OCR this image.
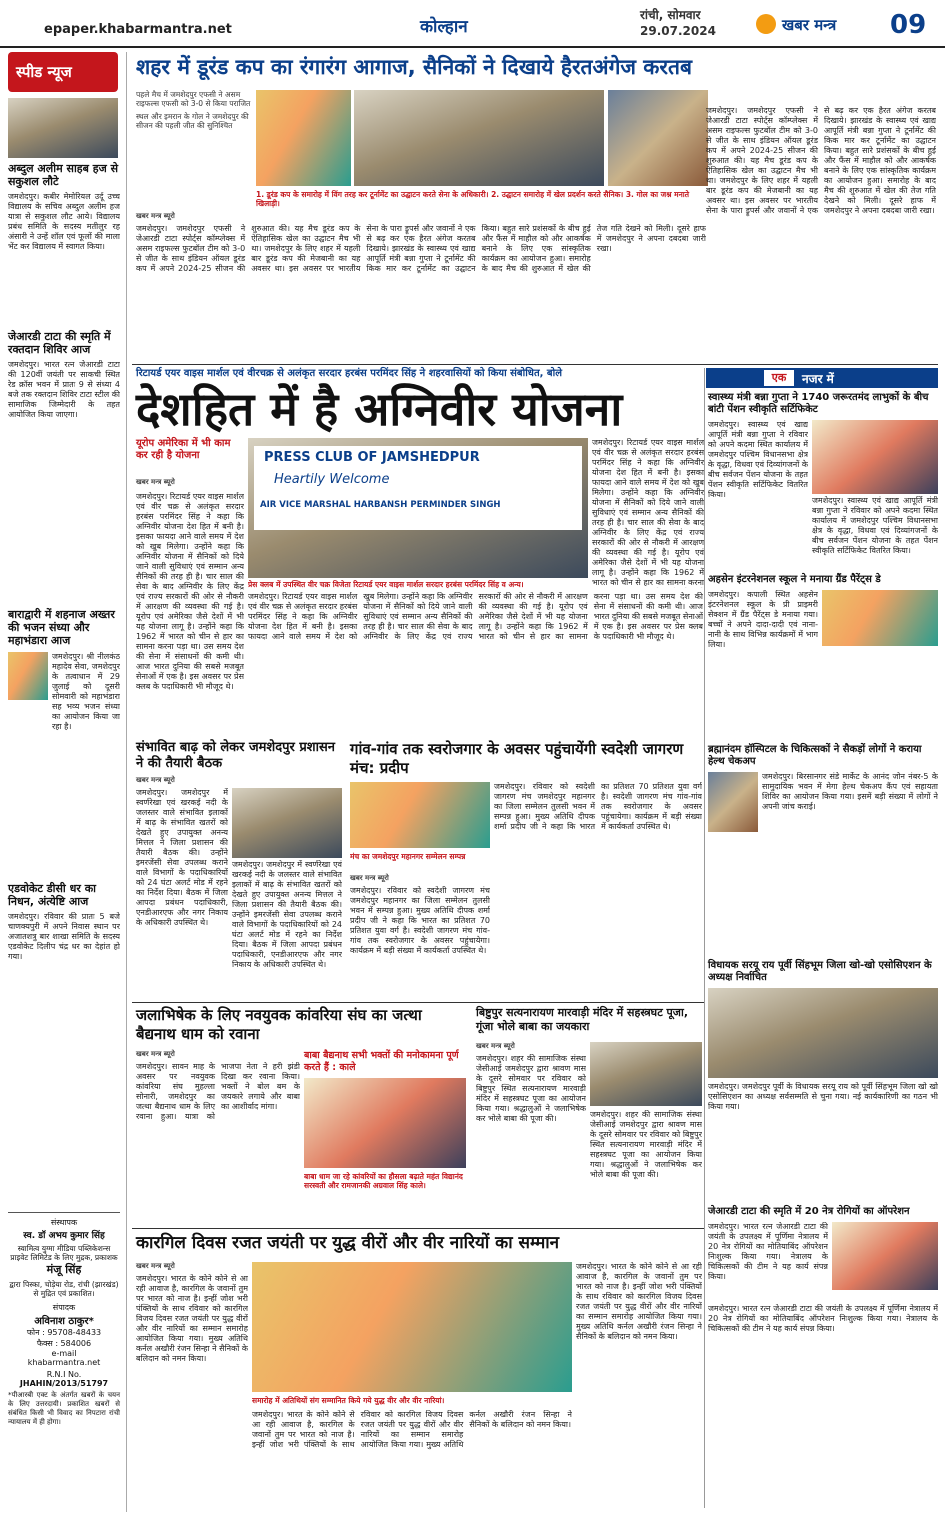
epaper.khabarmantra.net	कोल्हान
रांची, सोमवार
29.07.2024	खबर मन्त्र 09
स्पीड न्यूज
अब्दुल अलीम साहब हज से सकुशल लौटे
जमशेदपुर। कबीर मेमोरियल उर्दू उच्च विद्यालय के सचिव अब्दुल अलीम हज यात्रा से सकुशल लौट आये। विद्यालय प्रबंध समिति के सदस्य मतीलुर रह अंसारी ने उन्हें शॉल एवं फूलों की माला भेंट कर विद्यालय में स्वागत किया।
जेआरडी टाटा की स्मृति में रक्तदान शिविर आज
जमशेदपुर। भारत रत्न जेआरडी टाटा की 120वीं जयंती पर साकची स्थित रेड क्रॉस भवन में प्रातः 9 से संध्या 4 बजे तक रक्तदान शिविर टाटा स्टील की सामाजिक जिम्मेदारी के तहत आयोजित किया जाएगा।
बाराद्वारी में शहनाज अख्तर की भजन संध्या और महाभंडारा आज
जमशेदपुर। श्री नीलकंठ महादेव सेवा, जमशेदपुर के तत्वाधान में 29 जुलाई को दूसरी सोमवारी को महाभंडारा सह भव्य भजन संध्या का आयोजन किया जा रहा है।
एडवोकेट डीसी धर का निधन, अंत्येष्टि आज
जमशेदपुर। रविवार की प्रातः 5 बजे चाणक्यपुरी में अपने निवास स्थान पर अजातशत्रु बार शाखा समिति के सदस्य एडवोकेट दिलीप चंद्र धर का देहांत हो गया।
संस्थापक
स्व. डॉ अभय कुमार सिंह
स्वामित्व युग्मा मीडिया पब्लिकेशन्स प्राइवेट लिमिटेड के लिए मुद्रक, प्रकाशक
मंजू सिंह
द्वारा पिस्का, चोड़ेया रोड, रांची (झारखंड) से मुद्रित एवं प्रकाशित।
संपादक
अविनाश ठाकुर*
फोन : 95708-48433
फैक्स : 584006
e-mail
khabarmantra.net
R.N.I No.
JHAHIN/2013/51797
*पीआरबी एक्ट के अंतर्गत खबरों के चयन के लिए उत्तरदायी। प्रकाशित खबरों से संबंधित किसी भी विवाद का निपटारा रांची न्यायालय में ही होगा।
शहर में डूरंड कप का रंगारंग आगाज, सैनिकों ने दिखाये हैरतअंगेज करतब
पहले मैच में जमशेदपुर एफसी ने असम राइफल्स एफसी को 3-0 से किया पराजित
स्थल और इमरान के गोल ने जमशेदपुर की सीजन की पहली जीत की सुनिश्चित
1. डूरंड कप के समारोह में विंग तरह कर टूर्नामेंट का उद्घाटन करते सेना के अधिकारी। 2. उद्घाटन समारोह में खेल प्रदर्शन करते सैनिक। 3. गोल का जश्न मनाते खिलाड़ी।
खबर मन्त्र ब्यूरो
जमशेदपुर। जमशेदपुर एफसी ने जेआरडी टाटा स्पोर्ट्स कॉम्प्लेक्स में असम राइफल्स फुटबॉल टीम को 3-0 से जीत के साथ इंडियन ऑयल डूरंड कप में अपने 2024-25 सीजन की शुरुआत की। यह मैच डूरंड कप के ऐतिहासिक खेल का उद्घाटन मैच भी था। जमशेदपुर के लिए शहर में यहली बार डूरंड कप की मेजबानी का यह अवसर था। इस अवसर पर भारतीय सेना के पारा ड्रूपर्स और जवानों ने एक से बढ़ कर एक हैरत अंगेज करतब दिखाये। झारखंड के स्वास्थ्य एवं खाद्य आपूर्ति मंत्री बन्ना गुप्ता ने टूर्नामेंट की किक मार कर टूर्नामेंट का उद्घाटन किया। बहुत सारे प्रशंसकों के बीच हुई और फैंस में माहौल को और आकर्षक बनाने के लिए एक सांस्कृतिक कार्यक्रम का आयोजन हुआ। समारोह के बाद मैच की शुरुआत में खेल की तेज गति देखने को मिली। दूसरे हाफ में जमशेदपुर ने अपना दबदबा जारी रखा।
जमशेदपुर। जमशेदपुर एफसी ने जेआरडी टाटा स्पोर्ट्स कॉम्प्लेक्स में असम राइफल्स फुटबॉल टीम को 3-0 से जीत के साथ इंडियन ऑयल डूरंड कप में अपने 2024-25 सीजन की शुरुआत की। यह मैच डूरंड कप के ऐतिहासिक खेल का उद्घाटन मैच भी था। जमशेदपुर के लिए शहर में यहली बार डूरंड कप की मेजबानी का यह अवसर था। इस अवसर पर भारतीय सेना के पारा ड्रूपर्स और जवानों ने एक से बढ़ कर एक हैरत अंगेज करतब दिखाये। झारखंड के स्वास्थ्य एवं खाद्य आपूर्ति मंत्री बन्ना गुप्ता ने टूर्नामेंट की किक मार कर टूर्नामेंट का उद्घाटन किया। बहुत सारे प्रशंसकों के बीच हुई और फैंस में माहौल को और आकर्षक बनाने के लिए एक सांस्कृतिक कार्यक्रम का आयोजन हुआ। समारोह के बाद मैच की शुरुआत में खेल की तेज गति देखने को मिली। दूसरे हाफ में जमशेदपुर ने अपना दबदबा जारी रखा।
रिटायर्ड एयर वाइस मार्शल एवं वीरचक्र से अलंकृत सरदार हरबंस परमिंदर सिंह ने शहरवासियों को किया संबोधित, बोले
देशहित में है अग्निवीर योजना
यूरोप अमेरिका में भी काम कर रही है योजना
खबर मन्त्र ब्यूरो
PRESS CLUB OF JAMSHEDPUR
Heartily Welcome
AIR VICE MARSHAL HARBANSH PERMINDER SINGH
प्रेस क्लब में उपस्थित वीर चक्र विजेता रिटायर्ड एयर वाइस मार्शल सरदार हरबंस परमिंदर सिंह व अन्य।
जमशेदपुर। रिटायर्ड एयर वाइस मार्शल एवं वीर चक्र से अलंकृत सरदार हरबंस परमिंदर सिंह ने कहा कि अग्निवीर योजना देश हित में बनी है। इसका फायदा आने वाले समय में देश को खुब मिलेगा। उन्होंने कहा कि अग्निवीर योजना में सैनिकों को दिये जाने वाली सुविधाएं एवं सम्मान अन्य सैनिकों की तरह ही है। चार साल की सेवा के बाद अग्निवीर के लिए केंद्र एवं राज्य सरकारों की ओर से नौकरी में आरक्षण की व्यवस्था की गई है। यूरोप एवं अमेरिका जैसे देशों में भी यह योजना लागू है। उन्होंने कहा कि 1962 में भारत को चीन से हार का सामना करना पड़ा था। उस समय देश की सेना में संसाधनों की कमी थी। आज भारत दुनिया की सबसे मजबूत सेनाओं में एक है। इस अवसर पर प्रेस क्लब के पदाधिकारी भी मौजूद थे।
जमशेदपुर। रिटायर्ड एयर वाइस मार्शल एवं वीर चक्र से अलंकृत सरदार हरबंस परमिंदर सिंह ने कहा कि अग्निवीर योजना देश हित में बनी है। इसका फायदा आने वाले समय में देश को खुब मिलेगा। उन्होंने कहा कि अग्निवीर योजना में सैनिकों को दिये जाने वाली सुविधाएं एवं सम्मान अन्य सैनिकों की तरह ही है। चार साल की सेवा के बाद अग्निवीर के लिए केंद्र एवं राज्य सरकारों की ओर से नौकरी में आरक्षण की व्यवस्था की गई है। यूरोप एवं अमेरिका जैसे देशों में भी यह योजना लागू है। उन्होंने कहा कि 1962 में भारत को चीन से हार का सामना करना पड़ा था। उस समय देश की सेना में संसाधनों की कमी थी। आज भारत दुनिया की सबसे मजबूत सेनाओं में एक है। इस अवसर पर प्रेस क्लब के पदाधिकारी भी मौजूद थे।
जमशेदपुर। रिटायर्ड एयर वाइस मार्शल एवं वीर चक्र से अलंकृत सरदार हरबंस परमिंदर सिंह ने कहा कि अग्निवीर योजना देश हित में बनी है। इसका फायदा आने वाले समय में देश को खुब मिलेगा। उन्होंने कहा कि अग्निवीर योजना में सैनिकों को दिये जाने वाली सुविधाएं एवं सम्मान अन्य सैनिकों की तरह ही है। चार साल की सेवा के बाद अग्निवीर के लिए केंद्र एवं राज्य सरकारों की ओर से नौकरी में आरक्षण की व्यवस्था की गई है। यूरोप एवं अमेरिका जैसे देशों में भी यह योजना लागू है। उन्होंने कहा कि 1962 में भारत को चीन से हार का सामना करना
एक	नजर में
स्वास्थ्य मंत्री बन्ना गुप्ता ने 1740 जरूरतमंद लाभुकों के बीच बांटी पेंशन स्वीकृति सर्टिफिकेट
जमशेदपुर। स्वास्थ्य एवं खाद्य आपूर्ति मंत्री बन्ना गुप्ता ने रविवार को अपने कदमा स्थित कार्यालय में जमशेदपुर पश्चिम विधानसभा क्षेत्र के वृद्धा, विधवा एवं दिव्यांगजनों के बीच सर्वजन पेंशन योजना के तहत पेंशन स्वीकृति सर्टिफिकेट वितरित किया।
जमशेदपुर। स्वास्थ्य एवं खाद्य आपूर्ति मंत्री बन्ना गुप्ता ने रविवार को अपने कदमा स्थित कार्यालय में जमशेदपुर पश्चिम विधानसभा क्षेत्र के वृद्धा, विधवा एवं दिव्यांगजनों के बीच सर्वजन पेंशन योजना के तहत पेंशन स्वीकृति सर्टिफिकेट वितरित किया।
अहसेन इंटरनेशनल स्कूल ने मनाया ग्रैंड पैरेंट्स डे
जमशेदपुर। कपाली स्थित अहसेन इंटरनेशनल स्कूल के प्री प्राइमरी सेक्शन में ग्रैंड पैरेंट्स डे मनाया गया। बच्चों ने अपने दादा-दादी एवं नाना-नानी के साथ विभिन्न कार्यक्रमों में भाग लिया।
ब्रह्मानंदम हॉस्पिटल के चिकित्सकों ने सैकड़ों लोगों ने कराया हेल्थ चेकअप
जमशेदपुर। बिरसानगर संडे मार्केट के आनंद जोन नंबर-5 के सामुदायिक भवन में मेगा हेल्थ चेकअप कैंप एवं सहायता शिविर का आयोजन किया गया। इसमें बड़ी संख्या में लोगों ने अपनी जांच कराई।
विधायक सरयू राय पूर्वी सिंहभूम जिला खो-खो एसोसिएशन के अध्यक्ष निर्वाचित
जमशेदपुर। जमशेदपुर पूर्वी के विधायक सरयू राय को पूर्वी सिंहभूम जिला खो खो एसोसिएशन का अध्यक्ष सर्वसम्मति से चुना गया। नई कार्यकारिणी का गठन भी किया गया।
जेआरडी टाटा की स्मृति में 20 नेत्र रोगियों का ऑपरेशन
जमशेदपुर। भारत रत्न जेआरडी टाटा की जयंती के उपलक्ष्य में पूर्णिमा नेत्रालय में 20 नेत्र रोगियों का मोतियाबिंद ऑपरेशन निःशुल्क किया गया। नेत्रालय के चिकित्सकों की टीम ने यह कार्य संपन्न किया।
जमशेदपुर। भारत रत्न जेआरडी टाटा की जयंती के उपलक्ष्य में पूर्णिमा नेत्रालय में 20 नेत्र रोगियों का मोतियाबिंद ऑपरेशन निःशुल्क किया गया। नेत्रालय के चिकित्सकों की टीम ने यह कार्य संपन्न किया।
संभावित बाढ़ को लेकर जमशेदपुर प्रशासन ने की तैयारी बैठक
खबर मन्त्र ब्यूरो
जमशेदपुर। जमशेदपुर में स्वर्णरेखा एवं खरकई नदी के जलस्तर वाले संभावित इलाकों में बाढ़ के संभावित खतरों को देखते हुए उपायुक्त अनन्य मित्तल ने जिला प्रशासन की तैयारी बैठक की। उन्होंने इमरजेंसी सेवा उपलब्ध कराने वाले विभागों के पदाधिकारियों को 24 घंटा अलर्ट मोड में रहने का निर्देश दिया। बैठक में जिला आपदा प्रबंधन पदाधिकारी, एनडीआरएफ और नगर निकाय के अधिकारी उपस्थित थे।
जमशेदपुर। जमशेदपुर में स्वर्णरेखा एवं खरकई नदी के जलस्तर वाले संभावित इलाकों में बाढ़ के संभावित खतरों को देखते हुए उपायुक्त अनन्य मित्तल ने जिला प्रशासन की तैयारी बैठक की। उन्होंने इमरजेंसी सेवा उपलब्ध कराने वाले विभागों के पदाधिकारियों को 24 घंटा अलर्ट मोड में रहने का निर्देश दिया। बैठक में जिला आपदा प्रबंधन पदाधिकारी, एनडीआरएफ और नगर निकाय के अधिकारी उपस्थित थे।
गांव-गांव तक स्वरोजगार के अवसर पहुंचायेंगी स्वदेशी जागरण मंच: प्रदीप
मंच का जमशेदपुर महानगर सम्मेलन सम्पन्न
खबर मन्त्र ब्यूरो
जमशेदपुर। रविवार को स्वदेशी जागरण मंच जमशेदपुर महानगर का जिला सम्मेलन तुलसी भवन में सम्पन्न हुआ। मुख्य अतिथि दीपक शर्मा प्रदीप जी ने कहा कि भारत का प्रतिशत 70 प्रतिशत युवा वर्ग है। स्वदेशी जागरण मंच गांव-गांव तक स्वरोजगार के अवसर पहुंचायेगा। कार्यक्रम में बड़ी संख्या में कार्यकर्ता उपस्थित थे।
जमशेदपुर। रविवार को स्वदेशी जागरण मंच जमशेदपुर महानगर का जिला सम्मेलन तुलसी भवन में सम्पन्न हुआ। मुख्य अतिथि दीपक शर्मा प्रदीप जी ने कहा कि भारत का प्रतिशत 70 प्रतिशत युवा वर्ग है। स्वदेशी जागरण मंच गांव-गांव तक स्वरोजगार के अवसर पहुंचायेगा। कार्यक्रम में बड़ी संख्या में कार्यकर्ता उपस्थित थे।
जलाभिषेक के लिए नवयुवक कांवरिया संघ का जत्था बैद्यनाथ धाम को रवाना
बाबा बैद्यनाथ सभी भक्तों की मनोकामना पूर्ण करते हैं : काले
बाबा धाम जा रहे कांवरियों का हौसला बढ़ाते महंत विद्यानंद सरस्वती और रामजानकी अग्रवाल सिंह काले।
खबर मन्त्र ब्यूरो
जमशेदपुर। सावन माह के अवसर पर नवयुवक कांवरिया संघ मुहल्ला सोनारी, जमशेदपुर का जत्था बैद्यनाथ धाम के लिए रवाना हुआ। यात्रा को भाजपा नेता ने हरी झंडी दिखा कर रवाना किया। भक्तों ने बोल बम के जयकारे लगाये और बाबा का आशीर्वाद मांगा।
बिष्टुपुर सत्यनारायण मारवाड़ी मंदिर में सहस्त्रघट पूजा, गूंजा भोले बाबा का जयकारा
खबर मन्त्र ब्यूरो
जमशेदपुर। शहर की सामाजिक संस्था जेसीआई जमशेदपुर द्वारा श्रावण मास के दूसरे सोमवार पर रविवार को बिष्टुपुर स्थित सत्यनारायण मारवाड़ी मंदिर में सहस्त्रघट पूजा का आयोजन किया गया। श्रद्धालुओं ने जलाभिषेक कर भोले बाबा की पूजा की।	जमशेदपुर। शहर की सामाजिक संस्था जेसीआई जमशेदपुर द्वारा श्रावण मास के दूसरे सोमवार पर रविवार को बिष्टुपुर स्थित सत्यनारायण मारवाड़ी मंदिर में सहस्त्रघट पूजा का आयोजन किया गया। श्रद्धालुओं ने जलाभिषेक कर भोले बाबा की पूजा की।
कारगिल दिवस रजत जयंती पर युद्ध वीरों और वीर नारियों का सम्मान
खबर मन्त्र ब्यूरो
जमशेदपुर। भारत के कोने कोने से आ रही आवाज है, कारगिल के जवानों तुम पर भारत को नाज है। इन्हीं जोश भरी पंक्तियों के साथ रविवार को कारगिल विजय दिवस रजत जयंती पर युद्ध वीरों और वीर नारियों का सम्मान समारोह आयोजित किया गया। मुख्य अतिथि कर्नल अखौरी रंजन सिन्हा ने सैनिकों के बलिदान को नमन किया।
समारोह में अतिथियों संग सम्मानित किये गये युद्ध वीर और वीर नारियां।
जमशेदपुर। भारत के कोने कोने से आ रही आवाज है, कारगिल के जवानों तुम पर भारत को नाज है। इन्हीं जोश भरी पंक्तियों के साथ रविवार को कारगिल विजय दिवस रजत जयंती पर युद्ध वीरों और वीर नारियों का सम्मान समारोह आयोजित किया गया। मुख्य अतिथि कर्नल अखौरी रंजन सिन्हा ने सैनिकों के बलिदान को नमन किया।
जमशेदपुर। भारत के कोने कोने से आ रही आवाज है, कारगिल के जवानों तुम पर भारत को नाज है। इन्हीं जोश भरी पंक्तियों के साथ रविवार को कारगिल विजय दिवस रजत जयंती पर युद्ध वीरों और वीर नारियों का सम्मान समारोह आयोजित किया गया। मुख्य अतिथि कर्नल अखौरी रंजन सिन्हा ने सैनिकों के बलिदान को नमन किया।
